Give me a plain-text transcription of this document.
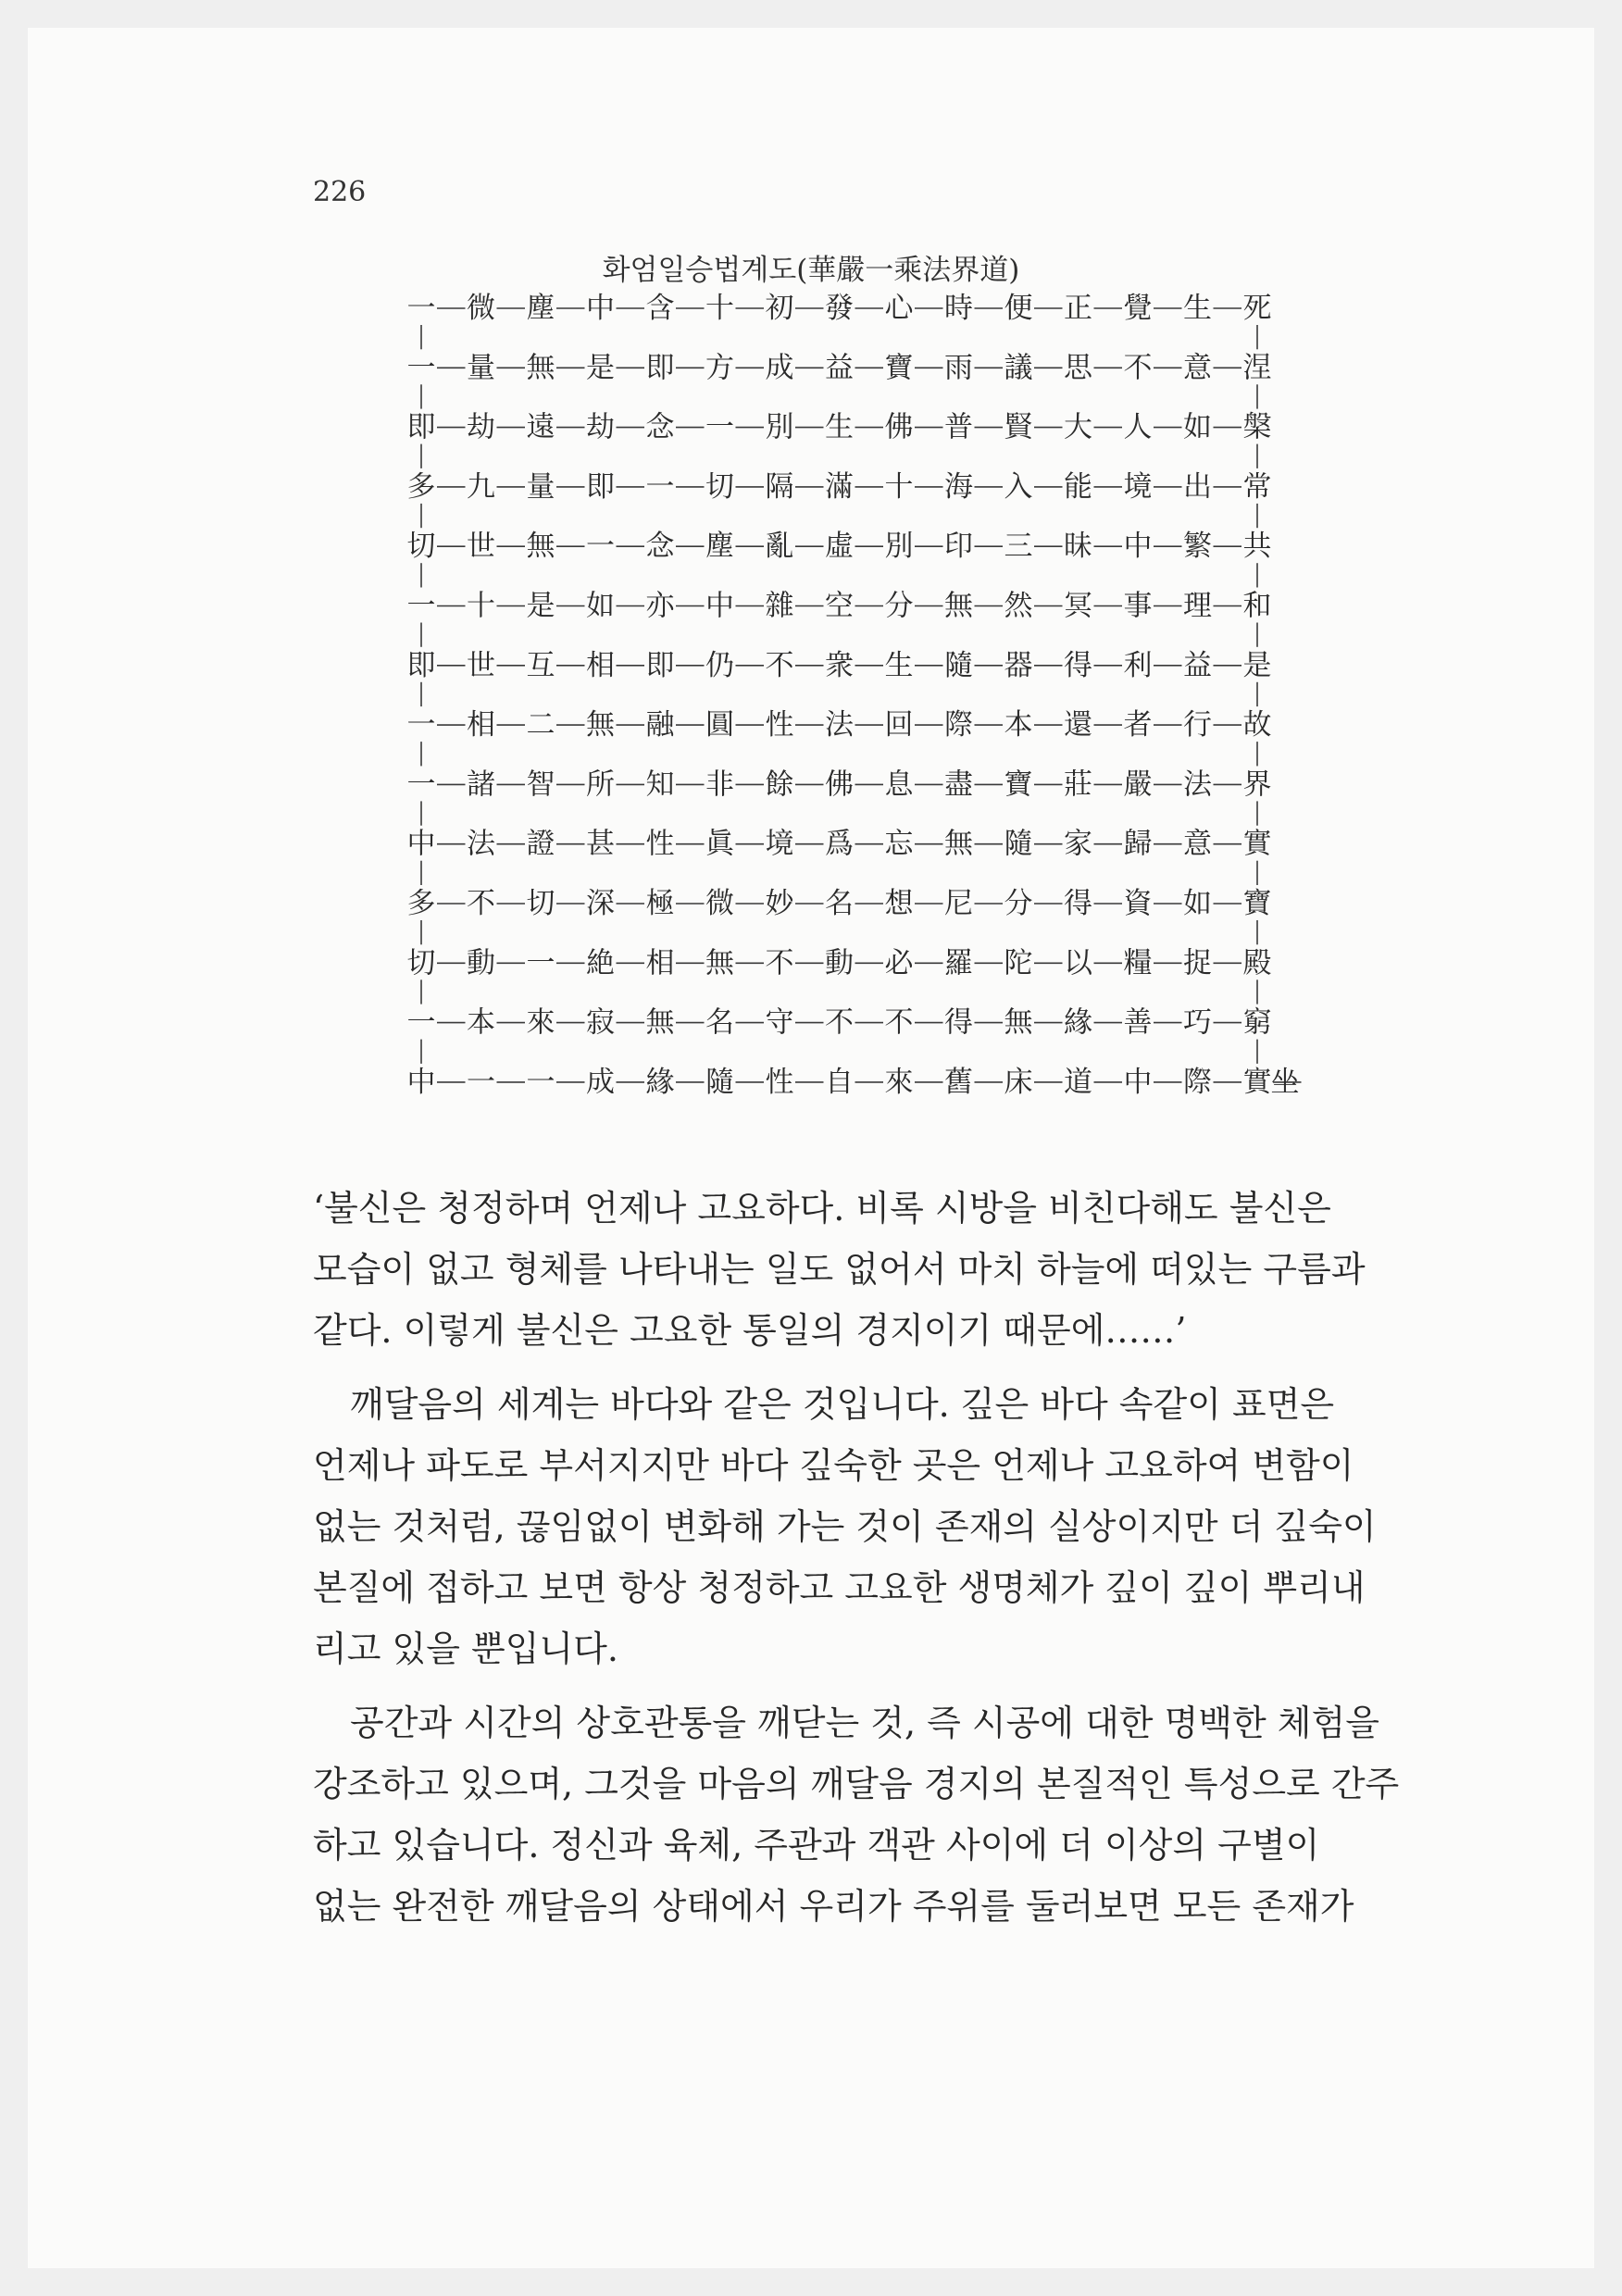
226
화엄일승법계도(華嚴一乘法界道)
一 微 塵 中 含 十 初 發 心 時 便 正 覺 生 死
一 量 無 是 即 方 成 益 寶 雨 議 思 不 意 涅
即 劫 遠 劫 念 一 別 生 佛 普 賢 大 人 如 槃
多 九 量 即 一 切 隔 滿 十 海 入 能 境 出 常
切 世 無 一 念 塵 亂 虛 別 印 三 昧 中 繁 共
一 十 是 如 亦 中 雜 空 分 無 然 冥 事 理 和
即 世 互 相 即 仍 不 衆 生 隨 器 得 利 益 是
一 相 二 無 融 圓 性 法 回 際 本 還 者 行 故
一 諸 智 所 知 非 餘 佛 息 盡 寶 莊 嚴 法 界
中 法 證 甚 性 眞 境 爲 忘 無 隨 家 歸 意 實
多 不 切 深 極 微 妙 名 想 尼 分 得 資 如 寶
切 動 一 絶 相 無 不 動 必 羅 陀 以 糧 捉 殿
一 本 來 寂 無 名 守 不 不 得 無 緣 善 巧 窮
中 一 一 成 緣 隨 性 自 來 舊 床 道 中 際 實 坐

‘불신은 청정하며 언제나 고요하다. 비록 시방을 비친다해도 불신은
모습이 없고 형체를 나타내는 일도 없어서 마치 하늘에 떠있는 구름과
같다. 이렇게 불신은 고요한 통일의 경지이기 때문에……’

깨달음의 세계는 바다와 같은 것입니다. 깊은 바다 속같이 표면은
언제나 파도로 부서지지만 바다 깊숙한 곳은 언제나 고요하여 변함이
없는 것처럼, 끊임없이 변화해 가는 것이 존재의 실상이지만 더 깊숙이
본질에 접하고 보면 항상 청정하고 고요한 생명체가 깊이 깊이 뿌리내
리고 있을 뿐입니다.

공간과 시간의 상호관통을 깨닫는 것, 즉 시공에 대한 명백한 체험을
강조하고 있으며, 그것을 마음의 깨달음 경지의 본질적인 특성으로 간주
하고 있습니다. 정신과 육체, 주관과 객관 사이에 더 이상의 구별이
없는 완전한 깨달음의 상태에서 우리가 주위를 둘러보면 모든 존재가
